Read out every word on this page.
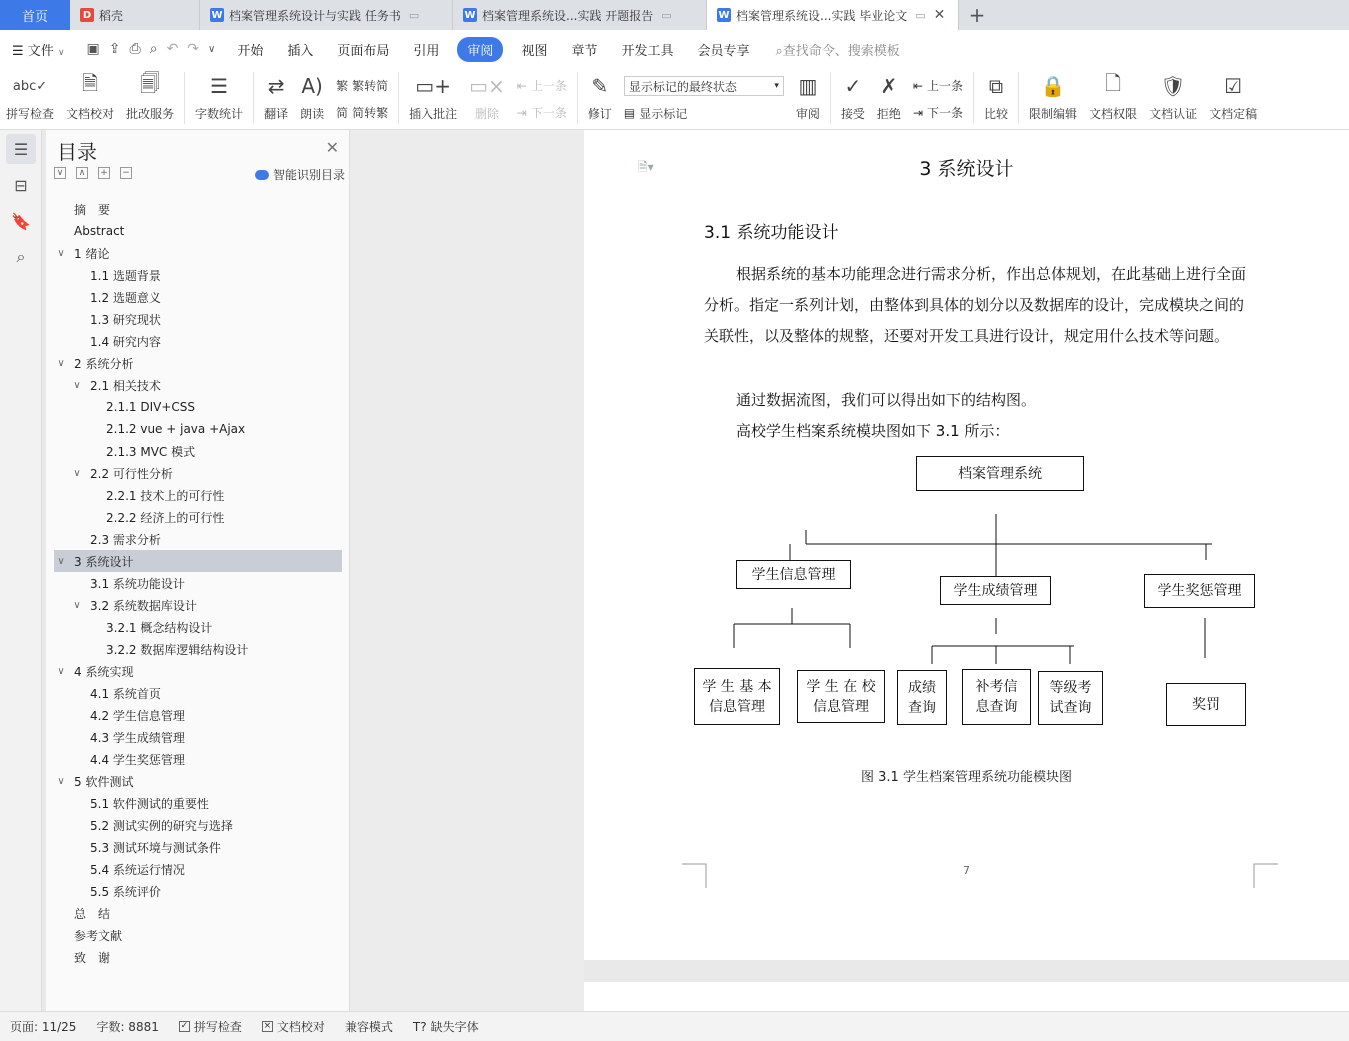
首页	D 稻壳	W 档案管理系统设计与实践 任务书 ▭	W 档案管理系统设...实践 开题报告 ▭	W 档案管理系统设...实践 毕业论文 ▭ ✕	+
☰ 文件 ∨	▣ ⇪ ⎙ ⌕ ↶ ↷ ∨	开始	插入	页面布局	引用	审阅	视图	章节	开发工具	会员专享	⌕查找命令、搜索模板
abc✓
拼写检查
🗎
文档校对
🗐
批改服务
☰
字数统计
⇄
翻译
A)
朗读
繁 繁转简
简 简转繁
▭+
插入批注
▭×
删除
⇤ 上一条
⇥ 下一条
✎
修订
显示标记的最终状态	▾
▤ 显示标记
▥
审阅
✓
接受
✗
拒绝
⇤ 上一条
⇥ 下一条
⧉
比较
🔒
限制编辑
🗋
文档权限
🛡
文档认证
☑
文档定稿
☰
⊟
🔖
⌕
目录	✕
∨	∧	+ −	智能识别目录
摘　要
Abstract
∨ 1 绪论
1.1 选题背景
1.2 选题意义
1.3 研究现状
1.4 研究内容
∨ 2 系统分析
∨ 2.1 相关技术
2.1.1 DIV+CSS
2.1.2 vue + java +Ajax
2.1.3 MVC 模式
∨ 2.2 可行性分析
2.2.1 技术上的可行性
2.2.2 经济上的可行性
2.3 需求分析
∨ 3 系统设计
3.1 系统功能设计
∨ 3.2 系统数据库设计
3.2.1 概念结构设计
3.2.2 数据库逻辑结构设计
∨ 4 系统实现
4.1 系统首页
4.2 学生信息管理
4.3 学生成绩管理
4.4 学生奖惩管理
∨ 5 软件测试
5.1 软件测试的重要性
5.2 测试实例的研究与选择
5.3 测试环境与测试条件
5.4 系统运行情况
5.5 系统评价
总　结
参考文献
致　谢
🗎▾	3 系统设计
3.1 系统功能设计
根据系统的基本功能理念进行需求分析，作出总体规划，在此基础上进行全面分析。指定一系列计划，由整体到具体的划分以及数据库的设计，完成模块之间的关联性，以及整体的规整，还要对开发工具进行设计，规定用什么技术等问题。
通过数据流图，我们可以得出如下的结构图。
高校学生档案系统模块图如下 3.1 所示：
档案管理系统
学生信息管理
学生成绩管理	学生奖惩管理
学 生 基 本
信息管理
学 生 在 校
信息管理
成绩
查询
补考信
息查询
等级考
试查询	奖罚
图 3.1 学生档案管理系统功能模块图
7
页面: 11/25	字数: 8881	✓ 拼写检查 × 文档校对	兼容模式	T? 缺失字体
